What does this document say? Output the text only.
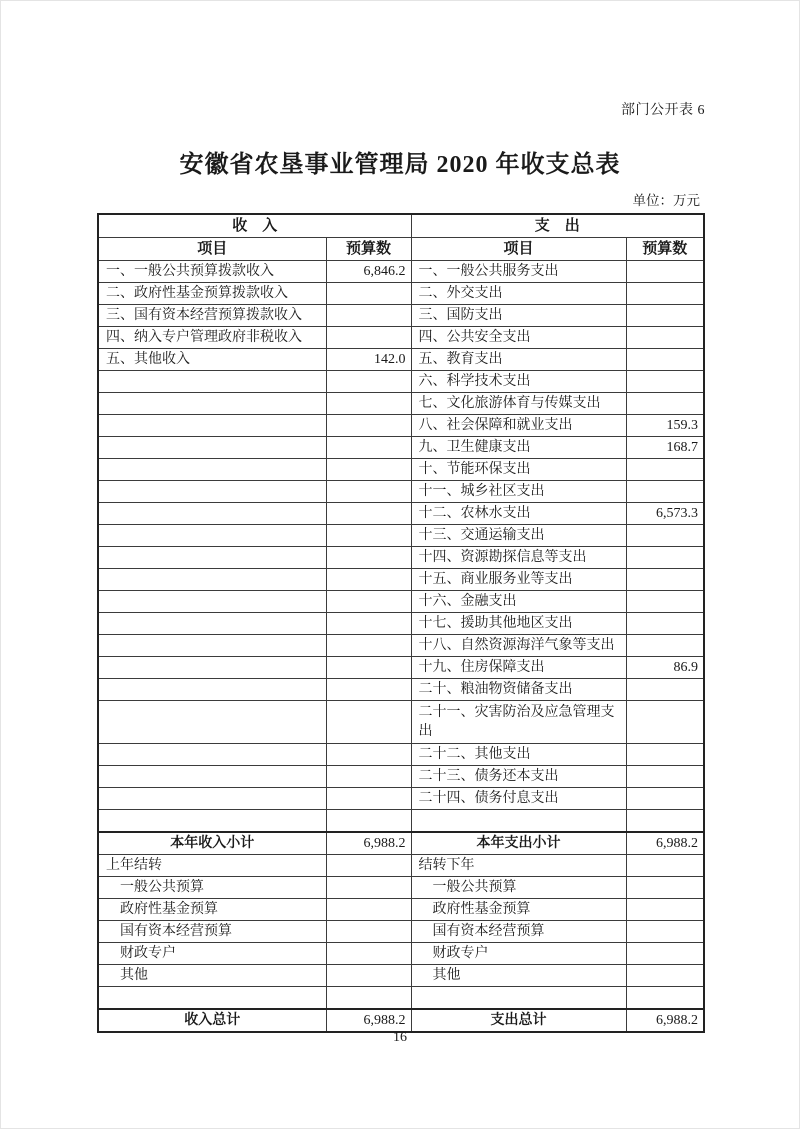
部门公开表 6
安徽省农垦事业管理局 2020 年收支总表
单位：万元
收　入		支　出	
项目	预算数	项目	预算数
一、一般公共预算拨款收入	6,846.2	一、一般公共服务支出	
二、政府性基金预算拨款收入		二、外交支出	
三、国有资本经营预算拨款收入		三、国防支出	
四、纳入专户管理政府非税收入		四、公共安全支出	
五、其他收入	142.0	五、教育支出	
		六、科学技术支出	
		七、文化旅游体育与传媒支出	
		八、社会保障和就业支出	159.3
		九、卫生健康支出	168.7
		十、节能环保支出	
		十一、城乡社区支出	
		十二、农林水支出	6,573.3
		十三、交通运输支出	
		十四、资源勘探信息等支出	
		十五、商业服务业等支出	
		十六、金融支出	
		十七、援助其他地区支出	
		十八、自然资源海洋气象等支出	
		十九、住房保障支出	86.9
		二十、粮油物资储备支出	
		二十一、灾害防治及应急管理支出	
		二十二、其他支出	
		二十三、债务还本支出	
		二十四、债务付息支出	

本年收入小计	6,988.2	本年支出小计	6,988.2
上年结转		结转下年	
一般公共预算		一般公共预算	
政府性基金预算		政府性基金预算	
国有资本经营预算		国有资本经营预算	
财政专户		财政专户	
其他		其他	

收入总计	6,988.2	支出总计	6,988.2
16
